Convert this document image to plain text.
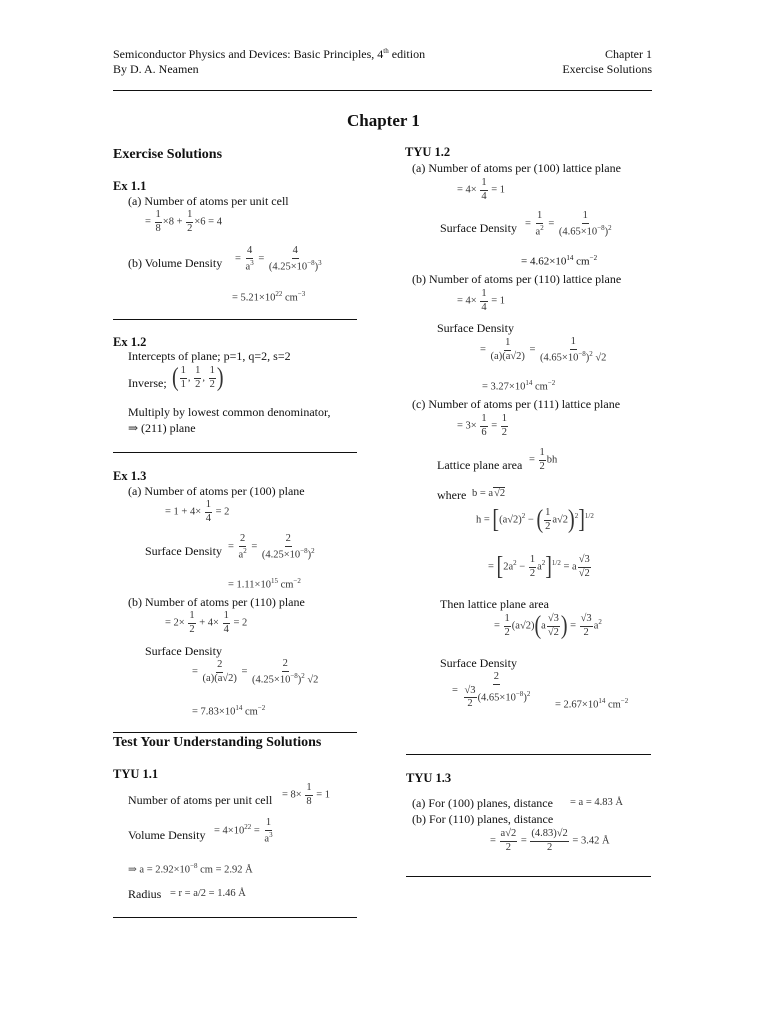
Semiconductor Physics and Devices: Basic Principles, 4th edition
By D. A. Neamen
Chapter 1
Exercise Solutions
Chapter 1
Exercise Solutions
Ex 1.1
(a) Number of atoms per unit cell
= $\frac{1}{8} \times 8 + \frac{1}{2} \times 6 = 4$
(b) Volume Density = $\frac{4}{a^3} = \frac{4}{(4.25\times 10^{-8})^3}$
= $5.21\times 10^{22}$ $cm^{-3}$
Ex 1.2
Intercepts of plane; p=1, q=2, s=2
Inverse; ( $\frac{1}{1}$ , $\frac{1}{2}$ , $\frac{1}{2}$ )
Multiply by lowest common denominator,
⇒ (211) plane
Ex 1.3
(a) Number of atoms per (100) plane
= $1 + 4\times \frac{1}{4} = 2$
Surface Density = $\frac{2}{a^2} = \frac{2}{(4.25\times 10^{-8})^2}$
= $1.11\times 10^{15}$ $cm^{-2}$
(b) Number of atoms per (110) plane
= $2\times \frac{1}{2} + 4\times \frac{1}{4} = 2$
Surface Density
= $\frac{2}{(a)(a√2)} = \frac{2}{(4.25\times 10^{-8})^2 √2}$
= $7.83\times 10^{14}$ $cm^{-2}$
Test Your Understanding Solutions
TYU 1.1
Number of atoms per unit cell = $8\times \frac{1}{8} = 1$
Volume Density = $4\times 10^{22} = \frac{1}{a^3}$
⇒ $a = 2.92\times 10^{-8}$ cm = 2.92 Å
Radius = r = a/2 = 1.46 Å
TYU 1.2
(a) Number of atoms per (100) lattice plane
= $4\times \frac{1}{4} = 1$
Surface Density = $\frac{1}{a^2} = \frac{1}{(4.65\times 10^{-8})^2}$
= $4.62\times 10^{14}$ $cm^{-2}$
(b) Number of atoms per (110) lattice plane
= $4\times \frac{1}{4} = 1$
Surface Density
= $\frac{1}{(a)(a√2)} = \frac{1}{(4.65\times 10^{-8})^2 √2}$
= $3.27\times 10^{14}$ $cm^{-2}$
(c) Number of atoms per (111) lattice plane
= $3\times \frac{1}{6} = \frac{1}{2}$
Lattice plane area = $\frac{1}{2}$ bh
where b = a√2
$h = [(a√2)^2$ − ( $\frac{1}{2} a√2)^2]^{1/2}$
= $[2a^2 - \frac{1}{2} a^2]^{1/2} = a \frac{√3}{√2}$
Then lattice plane area
= $\frac{1}{2} (a√2)(a \frac{√3}{√2}$ ) = $\frac{√3}{2} a^2$
Surface Density
= $\frac{2}{\frac{√3}{2} (4.65\times 10^{-8})^2} = 2.67\times 10^{14}$ $cm^{-2}$
TYU 1.3
(a) For (100) planes, distance = a = 4.83 Å
(b) For (110) planes, distance
= $\frac{a√2}{2} = \frac{(4.83)√2}{2} = 3.42$ Å
